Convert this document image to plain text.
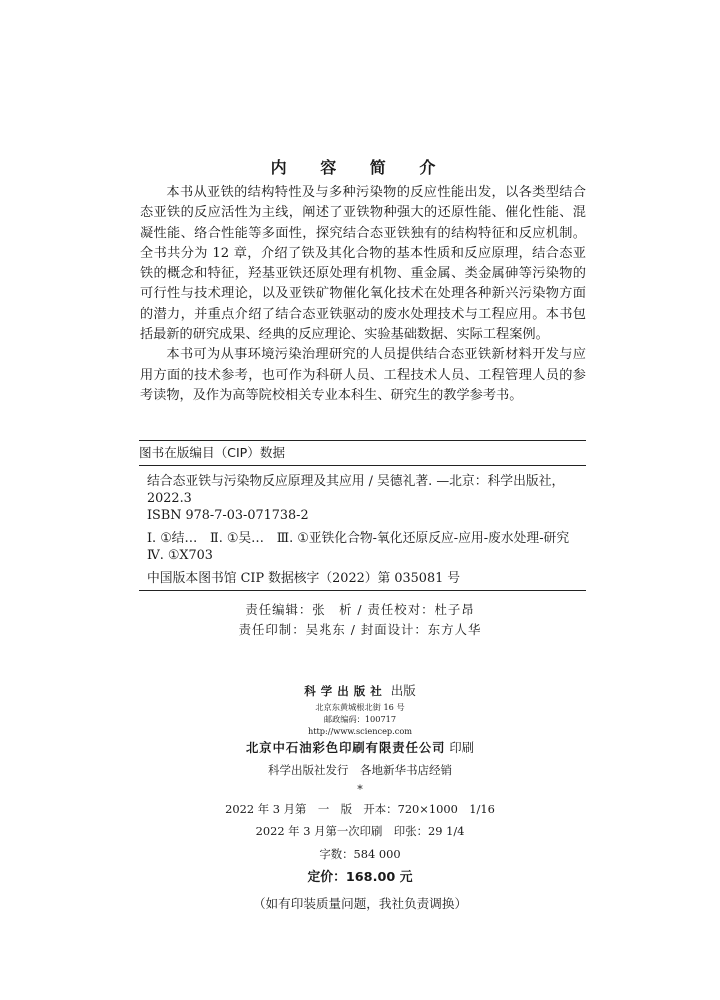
内 容 简 介

本书从亚铁的结构特性及与多种污染物的反应性能出发，以各类型结合态亚铁的反应活性为主线，阐述了亚铁物种强大的还原性能、催化性能、混凝性能、络合性能等多面性，探究结合态亚铁独有的结构特征和反应机制。全书共分为 12 章，介绍了铁及其化合物的基本性质和反应原理，结合态亚铁的概念和特征，羟基亚铁还原处理有机物、重金属、类金属砷等污染物的可行性与技术理论，以及亚铁矿物催化氧化技术在处理各种新兴污染物方面的潜力，并重点介绍了结合态亚铁驱动的废水处理技术与工程应用。本书包括最新的研究成果、经典的反应理论、实验基础数据、实际工程案例。

本书可为从事环境污染治理研究的人员提供结合态亚铁新材料开发与应用方面的技术参考，也可作为科研人员、工程技术人员、工程管理人员的参考读物，及作为高等院校相关专业本科生、研究生的教学参考书。

图书在版编目（CIP）数据
结合态亚铁与污染物反应原理及其应用 / 吴德礼著. —北京：科学出版社，2022.3
ISBN 978-7-03-071738-2
Ⅰ. ①结…　Ⅱ. ①吴…　Ⅲ. ①亚铁化合物-氧化还原反应-应用-废水处理-研究　Ⅳ. ①X703
中国版本图书馆 CIP 数据核字（2022）第 035081 号
责任编辑：张　析 / 责任校对：杜子昂
责任印制：吴兆东 / 封面设计：东方人华
科学出版社 出版
北京东黄城根北街 16 号
邮政编码：100717
http://www.sciencep.com
北京中石油彩色印刷有限责任公司 印刷
科学出版社发行　各地新华书店经销
*
2022 年 3 月第　一　版　开本：720×1000　1/16
2022 年 3 月第一次印刷　印张：29 1/4
字数：584 000
定价：168.00 元
（如有印装质量问题，我社负责调换）
